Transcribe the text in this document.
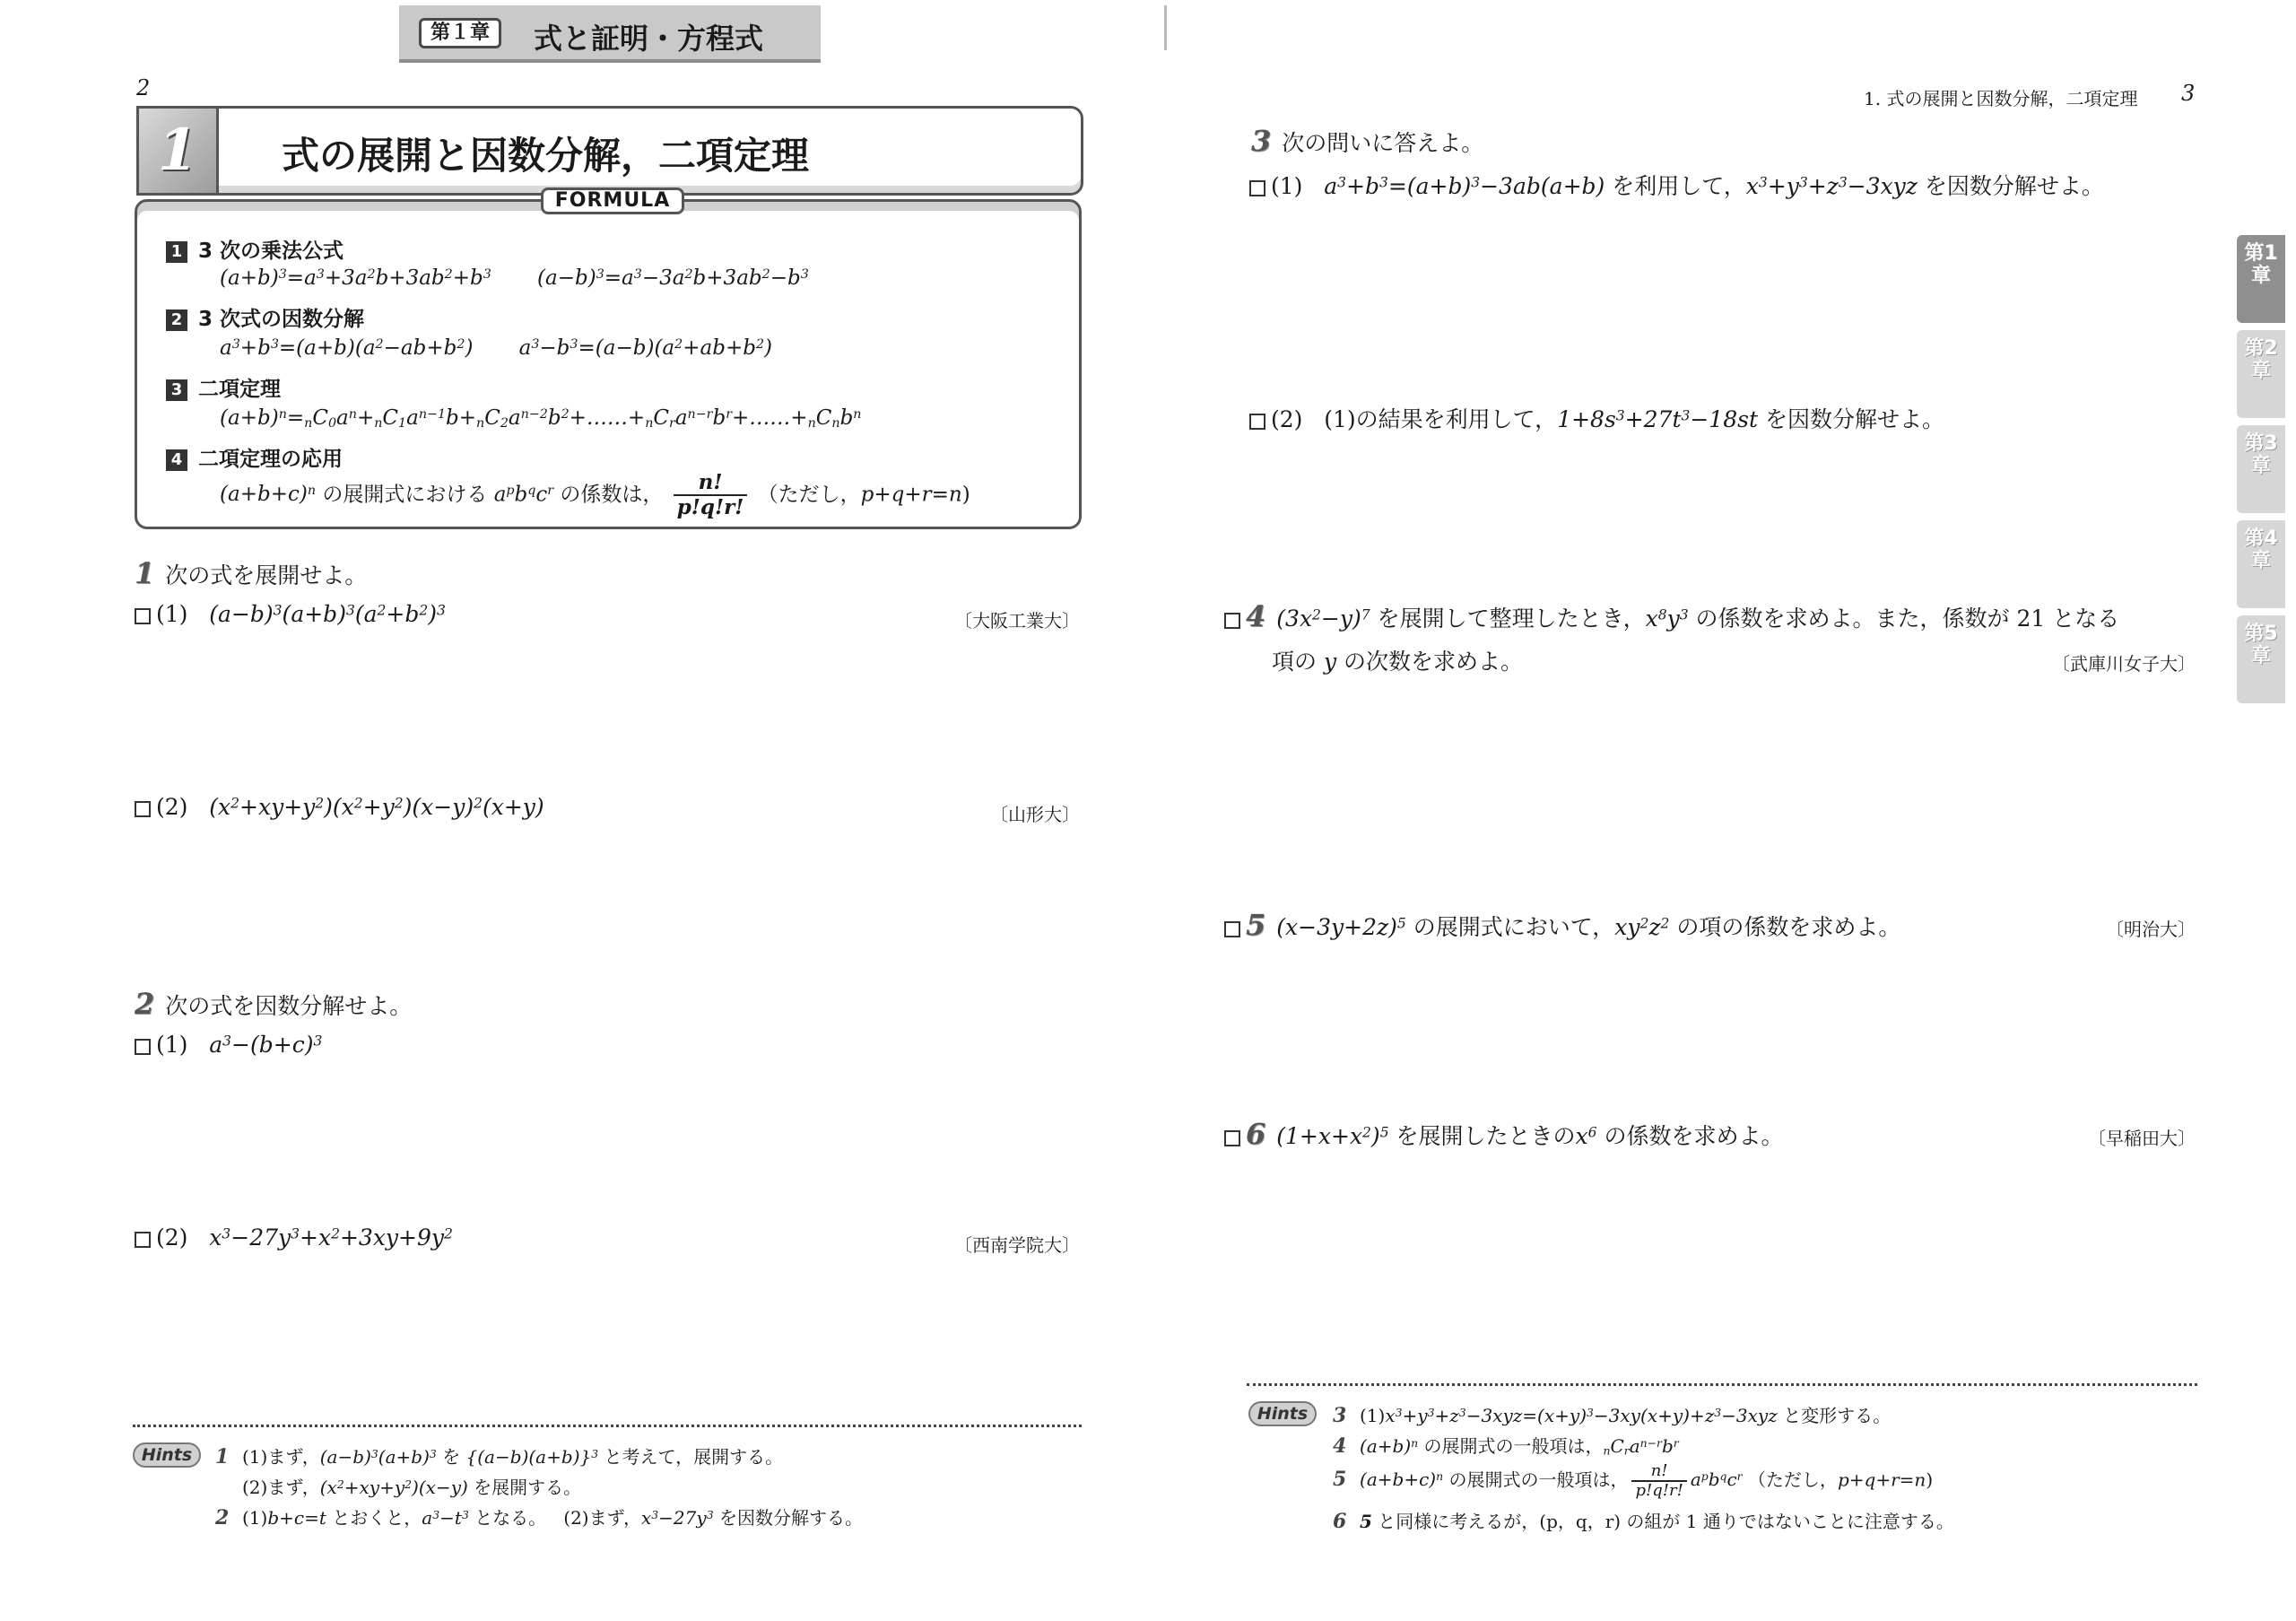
第１章	式と証明・方程式
2
1	式の展開と因数分解，二項定理
FORMULA
1 3 次の乗法公式
$(a+b)^3=a^3+3a^2b+3ab^2+b^3$       $(a-b)^3=a^3-3a^2b+3ab^2-b^3$
2 3 次式の因数分解
$a^3+b^3=(a+b)(a^2-ab+b^2)$       $a^3-b^3=(a-b)(a^2+ab+b^2)$
3 二項定理
$(a+b)^n=_nC_0a^n+_nC_1a^{n-1}b+_nC_2a^{n-2}b^2+\dots\dots+_nC_ra^{n-r}b^r+\dots\dots+_nC_nb^n$
4 二項定理の応用
$(a+b+c)^n$ の展開式における $a^pb^qc^r$ の係数は， $\frac{n!}{p!q!r!}$ （ただし，p+q+r=n)
1 次の式を展開せよ。
(1)   $(a-b)^3(a+b)^3(a^2+b^2)^3$	〔大阪工業大〕
(2)   $(x^2+xy+y^2)(x^2+y^2)(x-y)^2(x+y)$	〔山形大〕
2 次の式を因数分解せよ。
(1)   $a^3-(b+c)^3$
(2)   $x^3-27y^3+x^2+3xy+9y^2$
〔西南学院大〕
Hints	1 (1)まず，$(a-b)^3(a+b)^3$ を $\{(a-b)(a+b)\}^3$ と考えて，展開する。
(2)まず，$(x^2+xy+y^2)(x-y)$ を展開する。
2 (1)b+c=t とおくと，$a^3-t^3$ となる。 (2)まず，$x^3-27y^3$ を因数分解する。
1. 式の展開と因数分解，二項定理 3
3 次の問いに答えよ。
(1)   $a^3+b^3=(a+b)^3-3ab(a+b)$ を利用して，$x^3+y^3+z^3-3xyz$ を因数分解せよ。
(2)   (1)の結果を利用して，$1+8s^3+27t^3-18st$ を因数分解せよ。
4 $(3x^2-y)^7$ を展開して整理したとき，$x^8y^3$ の係数を求めよ。また，係数が 21 となる
項の y の次数を求めよ。	〔武庫川女子大〕
5 $(x-3y+2z)^5$ の展開式において，$xy^2z^2$ の項の係数を求めよ。	〔明治大〕
6 $(1+x+x^2)^5$ を展開したときの$x^6$ の係数を求めよ。	〔早稲田大〕
Hints	3 $(1)x^3+y^3+z^3-3xyz=(x+y)^3-3xy(x+y)+z^3-3xyz$ と変形する。
4 $(a+b)^n$ の展開式の一般項は，$_nC_ra^{n-r}b^r$
5 $(a+b+c)^n$ の展開式の一般項は， $\frac{n!}{p!q!r!} a^pb^qc^r$ （ただし，p+q+r=n)
6 5 と同様に考えるが，(p，q，r) の組が 1 通りではないことに注意する。
第1章
第2章
第3章
第4章
第5章
